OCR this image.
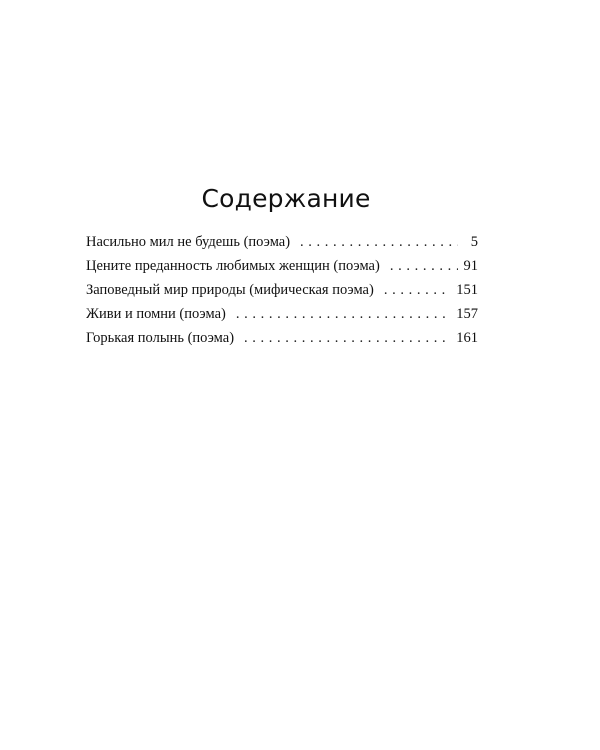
Содержание
Насильно мил не будешь (поэма) . . .	5
Цените преданность любимых женщин (поэма) . . .	91
Заповедный мир природы (мифическая поэма) . . .	151
Живи и помни (поэма) . . .	157
Горькая полынь (поэма) . . .	161
